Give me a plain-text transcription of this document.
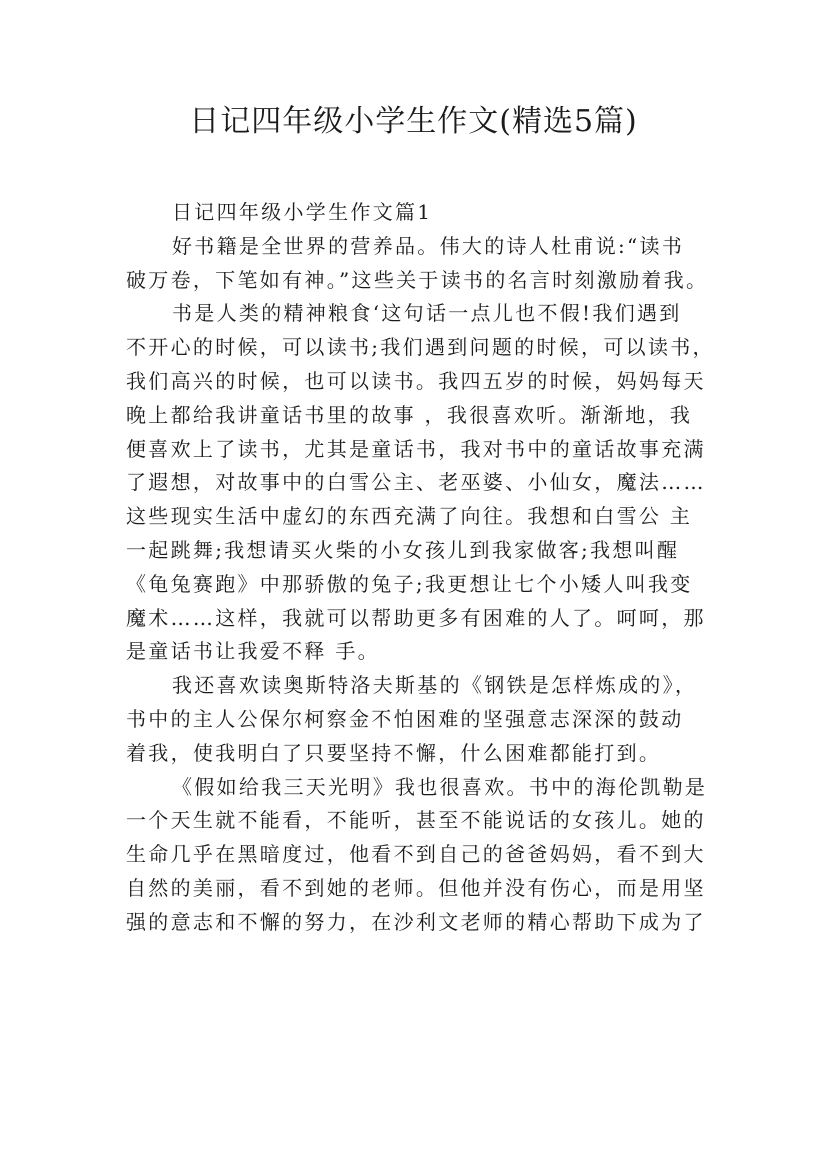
日记四年级小学生作文(精选5篇)
日记四年级小学生作文篇1
好书籍是全世界的营养品。伟大的诗人杜甫说:“读书
破万卷，下笔如有神。”这些关于读书的名言时刻激励着我。
书是人类的精神粮食‘这句话一点儿也不假!我们遇到
不开心的时候，可以读书;我们遇到问题的时候，可以读书，
我们高兴的时候，也可以读书。我四五岁的时候，妈妈每天
晚上都给我讲童话书里的故事 ，我很喜欢听。渐渐地，我
便喜欢上了读书，尤其是童话书，我对书中的童话故事充满
了遐想，对故事中的白雪公主、老巫婆、小仙女，魔法……
这些现实生活中虚幻的东西充满了向往。我想和白雪公 主
一起跳舞;我想请买火柴的小女孩儿到我家做客;我想叫醒
《龟兔赛跑》中那骄傲的兔子;我更想让七个小矮人叫我变
魔术……这样，我就可以帮助更多有困难的人了。呵呵，那
是童话书让我爱不释 手。
我还喜欢读奥斯特洛夫斯基的《钢铁是怎样炼成的》，
书中的主人公保尔柯察金不怕困难的坚强意志深深的鼓动
着我，使我明白了只要坚持不懈，什么困难都能打到。
《假如给我三天光明》我也很喜欢。书中的海伦凯勒是
一个天生就不能看，不能听，甚至不能说话的女孩儿。她的
生命几乎在黑暗度过，他看不到自己的爸爸妈妈，看不到大
自然的美丽，看不到她的老师。但他并没有伤心，而是用坚
强的意志和不懈的努力，在沙利文老师的精心帮助下成为了
